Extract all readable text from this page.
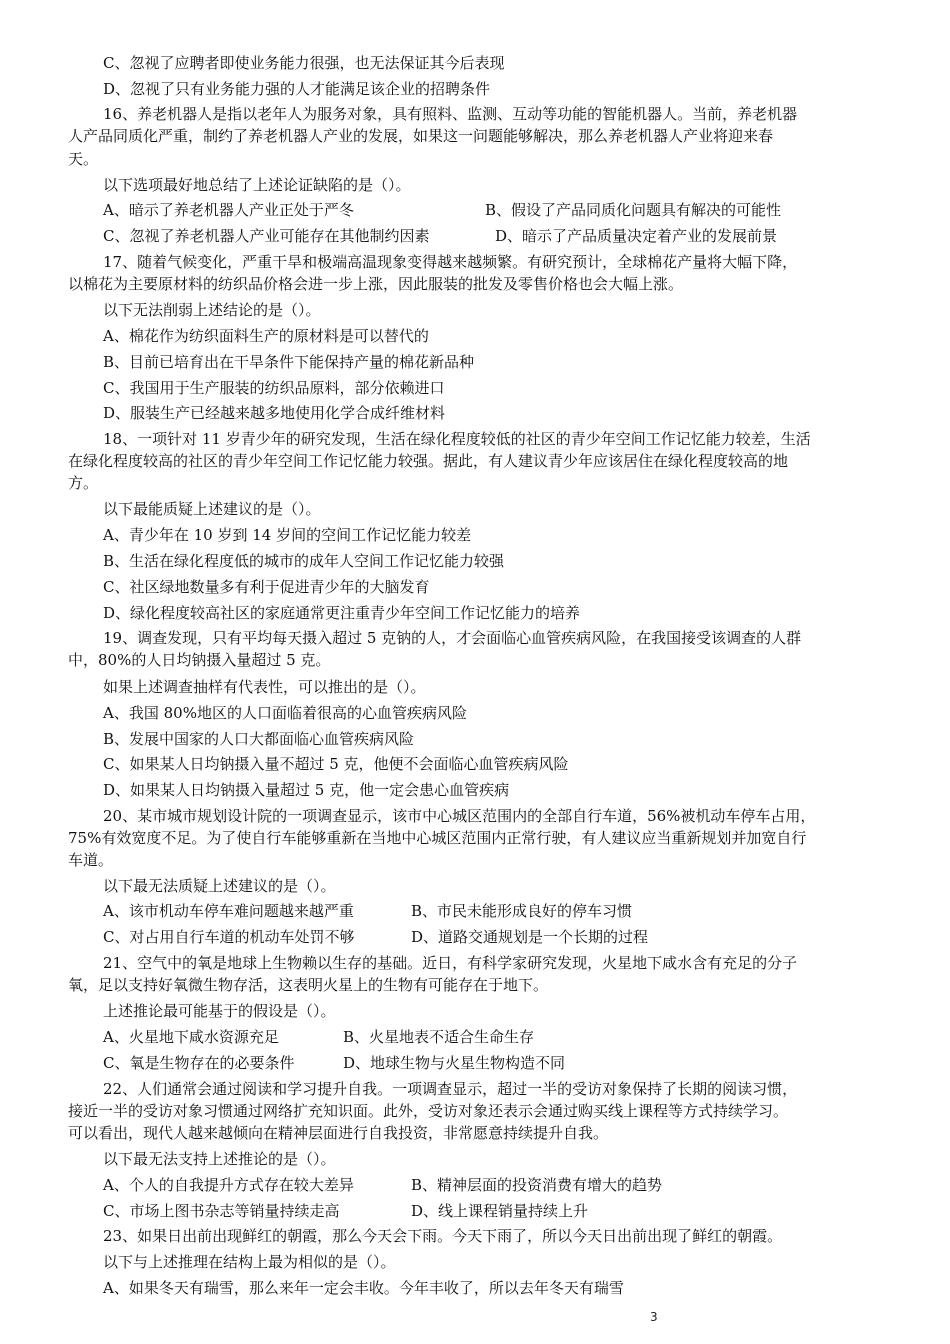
C、忽视了应聘者即使业务能力很强，也无法保证其今后表现
D、忽视了只有业务能力强的人才能满足该企业的招聘条件
16、养老机器人是指以老年人为服务对象，具有照料、监测、互动等功能的智能机器人。当前，养老机器
人产品同质化严重，制约了养老机器人产业的发展，如果这一问题能够解决，那么养老机器人产业将迎来春
天。
以下选项最好地总结了上述论证缺陷的是（）。
A、暗示了养老机器人产业正处于严冬	B、假设了产品同质化问题具有解决的可能性
C、忽视了养老机器人产业可能存在其他制约因素	D、暗示了产品质量决定着产业的发展前景
17、随着气候变化，严重干旱和极端高温现象变得越来越频繁。有研究预计，全球棉花产量将大幅下降，
以棉花为主要原材料的纺织品价格会进一步上涨，因此服装的批发及零售价格也会大幅上涨。
以下无法削弱上述结论的是（）。
A、棉花作为纺织面料生产的原材料是可以替代的
B、目前已培育出在干旱条件下能保持产量的棉花新品种
C、我国用于生产服装的纺织品原料，部分依赖进口
D、服装生产已经越来越多地使用化学合成纤维材料
18、一项针对 11 岁青少年的研究发现，生活在绿化程度较低的社区的青少年空间工作记忆能力较差，生活
在绿化程度较高的社区的青少年空间工作记忆能力较强。据此，有人建议青少年应该居住在绿化程度较高的地
方。
以下最能质疑上述建议的是（）。
A、青少年在 10 岁到 14 岁间的空间工作记忆能力较差
B、生活在绿化程度低的城市的成年人空间工作记忆能力较强
C、社区绿地数量多有利于促进青少年的大脑发育
D、绿化程度较高社区的家庭通常更注重青少年空间工作记忆能力的培养
19、调查发现，只有平均每天摄入超过 5 克钠的人，才会面临心血管疾病风险，在我国接受该调查的人群
中，80%的人日均钠摄入量超过 5 克。
如果上述调查抽样有代表性，可以推出的是（）。
A、我国 80%地区的人口面临着很高的心血管疾病风险
B、发展中国家的人口大都面临心血管疾病风险
C、如果某人日均钠摄入量不超过 5 克，他便不会面临心血管疾病风险
D、如果某人日均钠摄入量超过 5 克，他一定会患心血管疾病
20、某市城市规划设计院的一项调查显示，该市中心城区范围内的全部自行车道，56%被机动车停车占用，
75%有效宽度不足。为了使自行车能够重新在当地中心城区范围内正常行驶，有人建议应当重新规划并加宽自行
车道。
以下最无法质疑上述建议的是（）。
A、该市机动车停车难问题越来越严重	B、市民未能形成良好的停车习惯
C、对占用自行车道的机动车处罚不够	D、道路交通规划是一个长期的过程
21、空气中的氧是地球上生物赖以生存的基础。近日，有科学家研究发现，火星地下咸水含有充足的分子
氧，足以支持好氧微生物存活，这表明火星上的生物有可能存在于地下。
上述推论最可能基于的假设是（）。
A、火星地下咸水资源充足	B、火星地表不适合生命生存
C、氧是生物存在的必要条件	D、地球生物与火星生物构造不同
22、人们通常会通过阅读和学习提升自我。一项调查显示，超过一半的受访对象保持了长期的阅读习惯，
接近一半的受访对象习惯通过网络扩充知识面。此外，受访对象还表示会通过购买线上课程等方式持续学习。
可以看出，现代人越来越倾向在精神层面进行自我投资，非常愿意持续提升自我。
以下最无法支持上述推论的是（）。
A、个人的自我提升方式存在较大差异	B、精神层面的投资消费有增大的趋势
C、市场上图书杂志等销量持续走高	D、线上课程销量持续上升
23、如果日出前出现鲜红的朝霞，那么今天会下雨。今天下雨了，所以今天日出前出现了鲜红的朝霞。
以下与上述推理在结构上最为相似的是（）。
A、如果冬天有瑞雪，那么来年一定会丰收。今年丰收了，所以去年冬天有瑞雪
3
